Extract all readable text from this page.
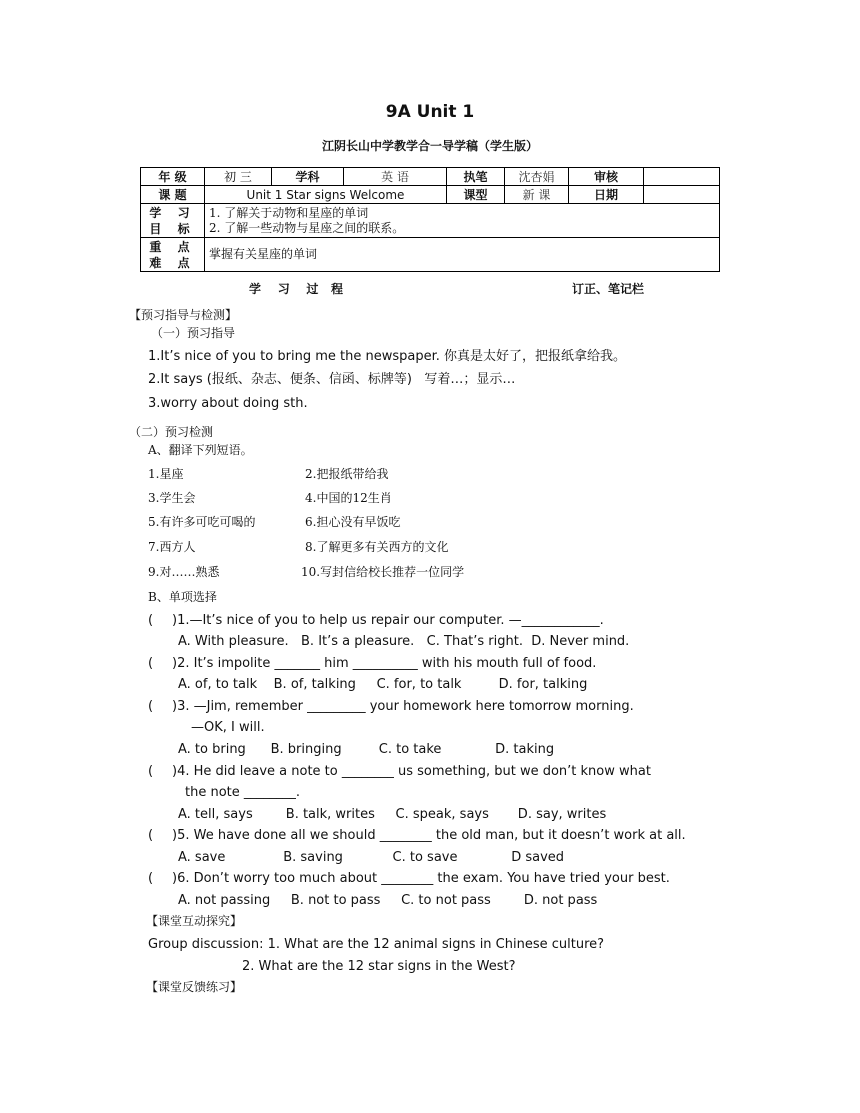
9A Unit 1
江阴长山中学教学合一导学稿（学生版）
年 级	初 三	学科	英 语	执笔	沈杏娟	审核	
课 题	Unit 1 Star signs Welcome			课型	新 课	日期	

学 习
目 标	1. 了解关于动物和星座的单词
2. 了解一些动物与星座之间的联系。						

重 点
难 点	掌握有关星座的单词						
学    习    过   程	订正、笔记栏
【预习指导与检测】
（一）预习指导
1.It’s nice of you to bring me the newspaper. 你真是太好了，把报纸拿给我。
2.It says (报纸、杂志、便条、信函、标牌等)   写着…；显示…
3.worry about doing sth.
（二）预习检测
A、翻译下列短语。
1.星座	2.把报纸带给我
3.学生会	4.中国的12生肖
5.有许多可吃可喝的	6.担心没有早饭吃
7.西方人	8.了解更多有关西方的文化
9.对……熟悉	10.写封信给校长推荐一位同学
B、单项选择
( )1.—It’s nice of you to help us repair our computer. —____________.
A. With pleasure.   B. It’s a pleasure.   C. That’s right.  D. Never mind.
( )2. It’s impolite _______ him __________ with his mouth full of food.
A. of, to talk    B. of, talking     C. for, to talk         D. for, talking
( )3. —Jim, remember _________ your homework here tomorrow morning.
—OK, I will.
A. to bring      B. bringing         C. to take             D. taking
( )4. He did leave a note to ________ us something, but we don’t know what
the note ________.
A. tell, says        B. talk, writes     C. speak, says       D. say, writes
( )5. We have done all we should ________ the old man, but it doesn’t work at all.
A. save              B. saving            C. to save             D saved
( )6. Don’t worry too much about ________ the exam. You have tried your best.
A. not passing     B. not to pass     C. to not pass        D. not pass
【课堂互动探究】
Group discussion: 1. What are the 12 animal signs in Chinese culture?
2. What are the 12 star signs in the West?
【课堂反馈练习】
